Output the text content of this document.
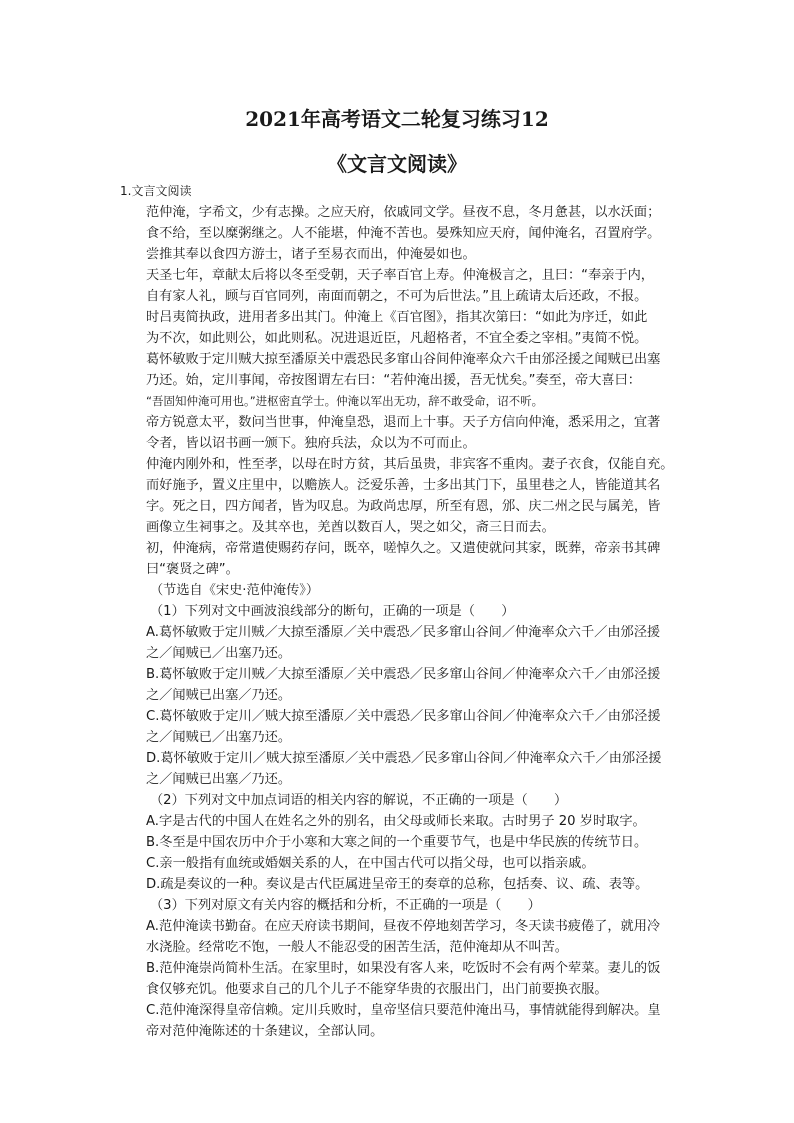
2021年高考语文二轮复习练习12
《文言文阅读》
1.文言文阅读
范仲淹，字希文，少有志操。之应天府，依戚同文学。昼夜不息，冬月惫甚，以水沃面；
食不给，至以糜粥继之。人不能堪，仲淹不苦也。晏殊知应天府，闻仲淹名，召置府学。
尝推其奉以食四方游士，诸子至易衣而出，仲淹晏如也。
天圣七年，章献太后将以冬至受朝，天子率百官上寿。仲淹极言之，且曰：“奉亲于内，
自有家人礼，顾与百官同列，南面而朝之，不可为后世法。”且上疏请太后还政，不报。
时吕夷简执政，进用者多出其门。仲淹上《百官图》，指其次第曰：“如此为序迁，如此
为不次，如此则公，如此则私。况进退近臣，凡超格者，不宜全委之宰相。”夷简不悦。
葛怀敏败于定川贼大掠至潘原关中震恐民多窜山谷间仲淹率众六千由邠泾援之闻贼已出塞
乃还。始，定川事闻，帝按图谓左右曰：“若仲淹出援，吾无忧矣。”奏至，帝大喜曰：
“吾固知仲淹可用也。”进枢密直学士。仲淹以军出无功，辞不敢受命，诏不听。
帝方锐意太平，数问当世事，仲淹皇恐，退而上十事。天子方信向仲淹，悉采用之，宜著
令者，皆以诏书画一颁下。独府兵法，众以为不可而止。
仲淹内刚外和，性至孝，以母在时方贫，其后虽贵，非宾客不重肉。妻子衣食，仅能自充。
而好施予，置义庄里中，以赡族人。泛爱乐善，士多出其门下，虽里巷之人，皆能道其名
字。死之日，四方闻者，皆为叹息。为政尚忠厚，所至有恩，邠、庆二州之民与属羌，皆
画像立生祠事之。及其卒也，羌酋以数百人，哭之如父，斋三日而去。
初，仲淹病，帝常遣使赐药存问，既卒，嗟悼久之。又遣使就问其家，既葬，帝亲书其碑
曰“褒贤之碑”。
（节选自《宋史·范仲淹传》）
（1）下列对文中画波浪线部分的断句，正确的一项是（　　）
A.葛怀敏败于定川贼／大掠至潘原／关中震恐／民多窜山谷间／仲淹率众六千／由邠泾援
之／闻贼已／出塞乃还。
B.葛怀敏败于定川贼／大掠至潘原／关中震恐／民多窜山谷间／仲淹率众六千／由邠泾援
之／闻贼已出塞／乃还。
C.葛怀敏败于定川／贼大掠至潘原／关中震恐／民多窜山谷间／仲淹率众六千／由邠泾援
之／闻贼已／出塞乃还。
D.葛怀敏败于定川／贼大掠至潘原／关中震恐／民多窜山谷间／仲淹率众六千／由邠泾援
之／闻贼已出塞／乃还。
（2）下列对文中加点词语的相关内容的解说，不正确的一项是（　　）
A.字是古代的中国人在姓名之外的别名，由父母或师长来取。古时男子 20 岁时取字。
B.冬至是中国农历中介于小寒和大寒之间的一个重要节气，也是中华民族的传统节日。
C.亲一般指有血统或婚姻关系的人，在中国古代可以指父母，也可以指亲戚。
D.疏是奏议的一种。奏议是古代臣属进呈帝王的奏章的总称，包括奏、议、疏、表等。
（3）下列对原文有关内容的概括和分析，不正确的一项是（　　）
A.范仲淹读书勤奋。在应天府读书期间，昼夜不停地刻苦学习，冬天读书疲倦了，就用冷
水浇脸。经常吃不饱，一般人不能忍受的困苦生活，范仲淹却从不叫苦。
B.范仲淹崇尚简朴生活。在家里时，如果没有客人来，吃饭时不会有两个荤菜。妻儿的饭
食仅够充饥。他要求自己的几个儿子不能穿华贵的衣服出门，出门前要换衣服。
C.范仲淹深得皇帝信赖。定川兵败时，皇帝坚信只要范仲淹出马，事情就能得到解决。皇
帝对范仲淹陈述的十条建议，全部认同。
